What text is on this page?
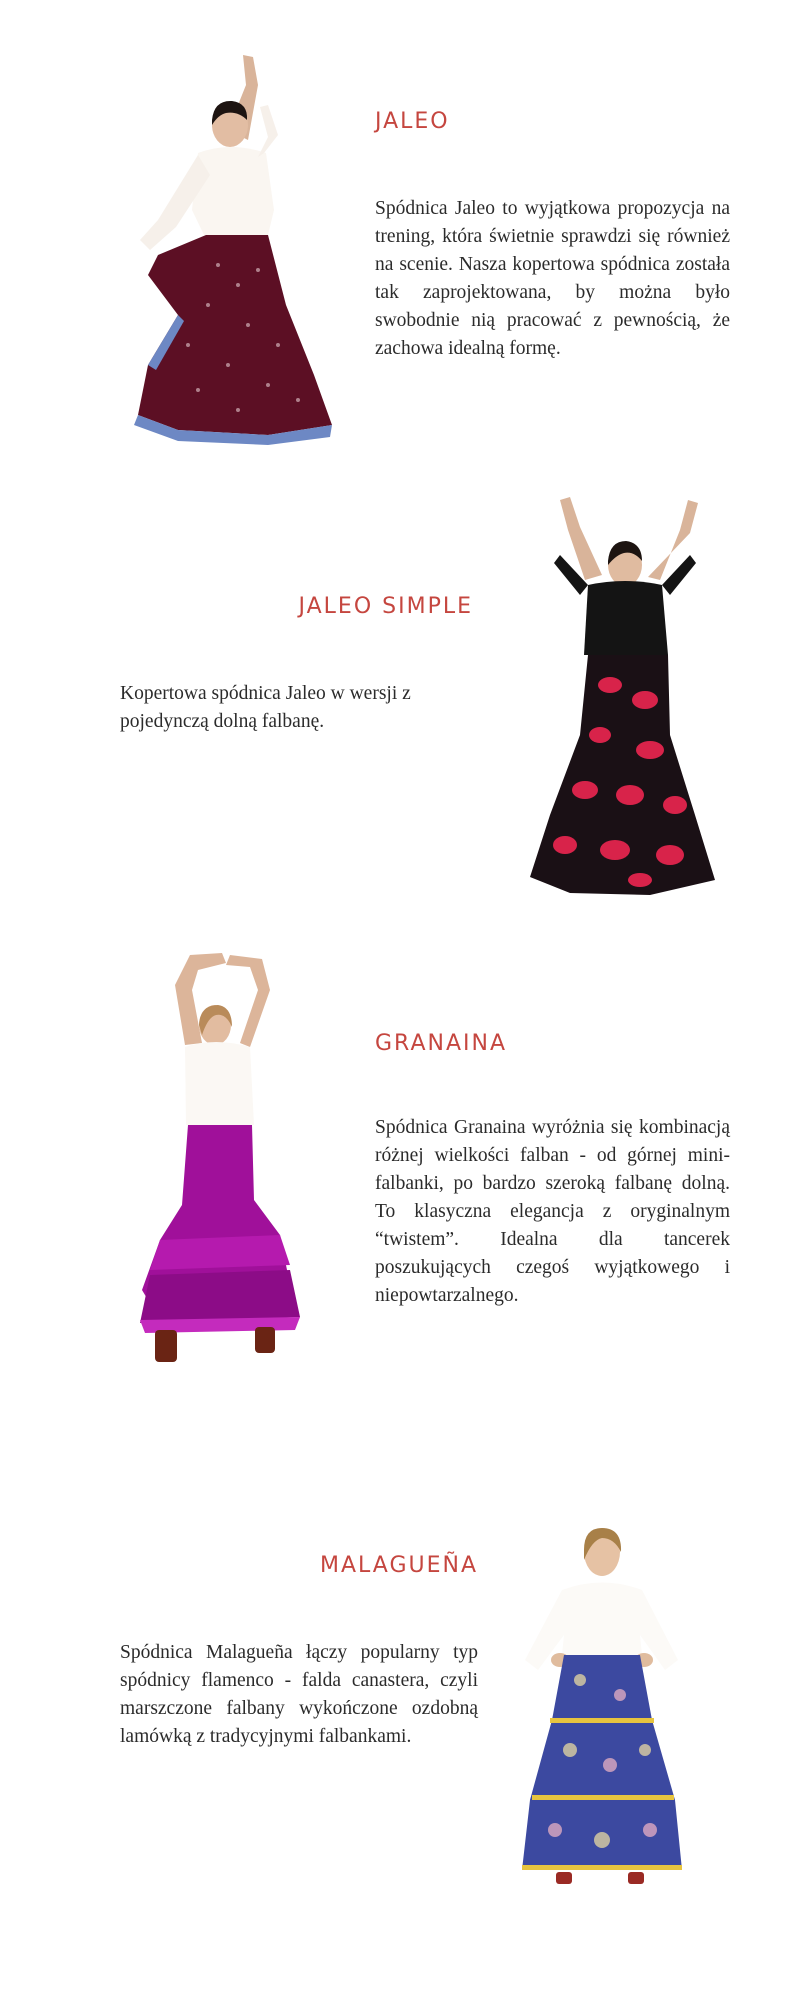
JALEO

Spódnica Jaleo to wyjątkowa propozycja na trening, która świetnie sprawdzi się również na scenie. Nasza kopertowa spódnica została tak zaprojektowana, by można było swobodnie nią pracować z pewnością, że zachowa idealną formę.

JALEO SIMPLE

Kopertowa spódnica Jaleo w wersji z pojedynczą dolną falbanę.

GRANAINA

Spódnica Granaina wyróżnia się kombinacją różnej wielkości falban - od górnej mini-falbanki, po bardzo szeroką falbanę dolną. To klasyczna elegancja z oryginalnym “twistem”. Idealna dla tancerek poszukujących czegoś wyjątkowego i niepowtarzalnego.

MALAGUEÑA

Spódnica Malagueña łączy popularny typ spódnicy flamenco - falda canastera, czyli marszczone falbany wykończone ozdobną lamówką z tradycyjnymi falbankami.
